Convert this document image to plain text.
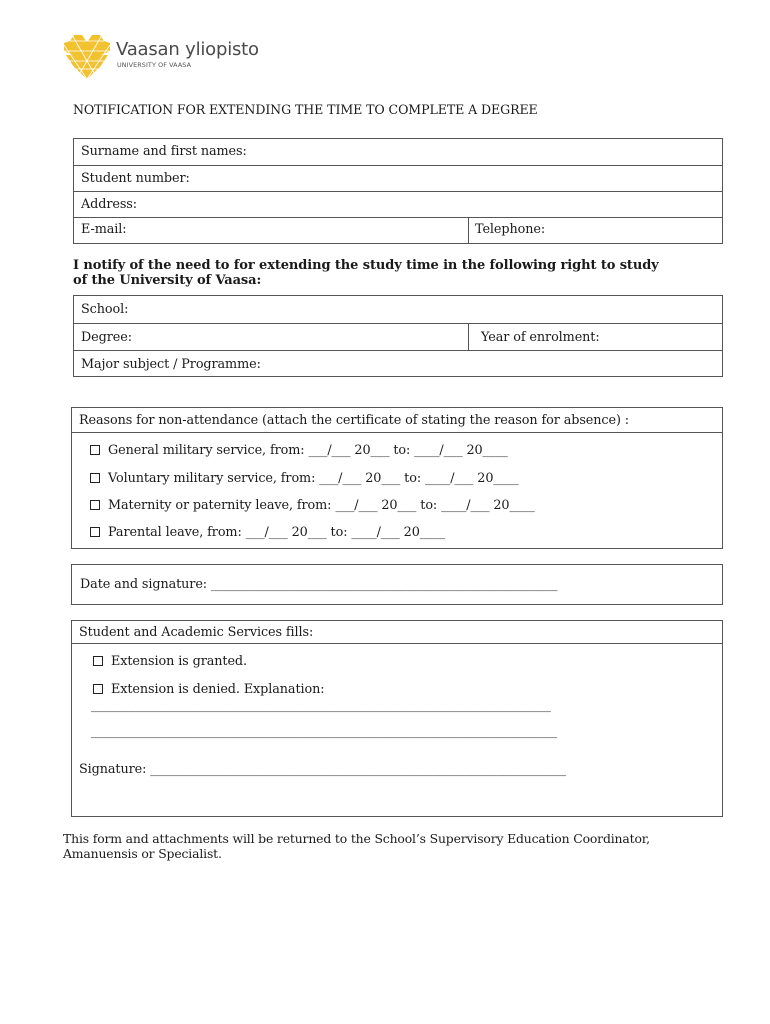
Vaasan yliopisto
UNIVERSITY OF VAASA
NOTIFICATION FOR EXTENDING THE TIME TO COMPLETE A DEGREE
Surname and first names:
Student number:
Address:
E-mail:	Telephone:
I notify of the need to for extending the study time in the following right to study of the University of Vaasa:
School:
Degree:	Year of enrolment:
Major subject / Programme:
Reasons for non-attendance (attach the certificate of stating the reason for absence) :
General military service, from: ___/___ 20___ to: ____/___ 20____
Voluntary military service, from: ___/___ 20___ to: ____/___ 20____
Maternity or paternity leave, from: ___/___ 20___ to: ____/___ 20____
Parental leave, from: ___/___ 20___ to: ____/___ 20____
Date and signature: _______________________________________________________
Student and Academic Services fills:
Extension is granted.
Extension is denied. Explanation:
_________________________________________________________________________
__________________________________________________________________________
Signature: __________________________________________________________________
This form and attachments will be returned to the School’s Supervisory Education Coordinator, Amanuensis or Specialist.
